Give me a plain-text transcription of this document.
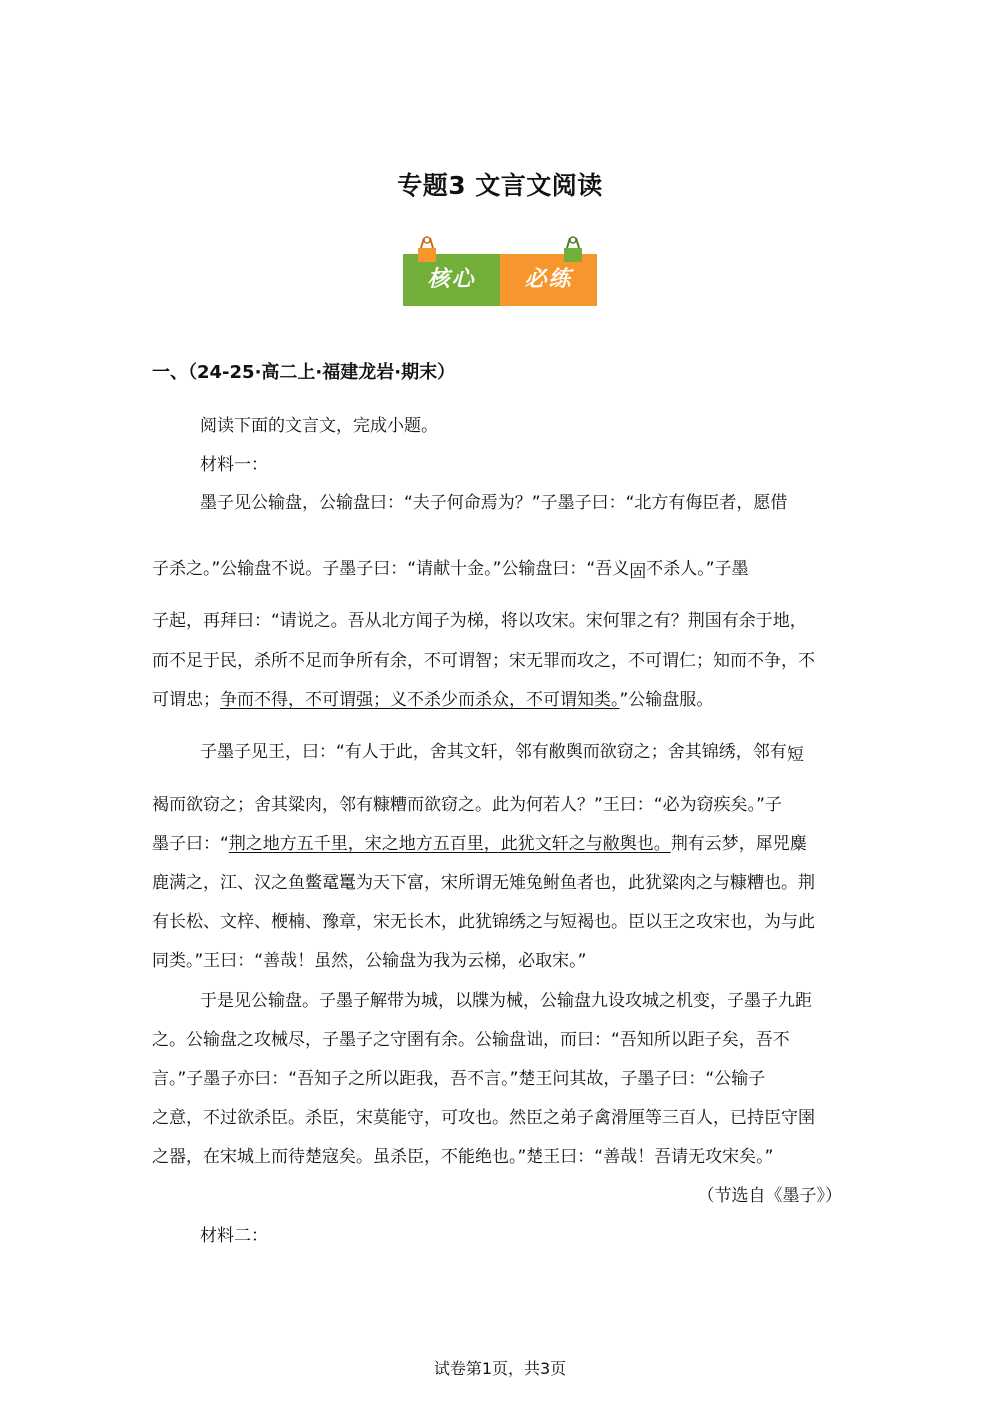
专题3 文言文阅读
核心	必练
一、（24-25·高二上·福建龙岩·期末）
阅读下面的文言文，完成小题。
材料一：
墨子见公输盘，公输盘曰：“夫子何命焉为？”子墨子曰：“北方有侮臣者，愿借
子杀之。”公输盘不说。子墨子曰：“请献十金。”公输盘曰：“吾义固不杀人。”子墨
子起，再拜曰：“请说之。吾从北方闻子为梯，将以攻宋。宋何罪之有？荆国有余于地，
而不足于民，杀所不足而争所有余，不可谓智；宋无罪而攻之，不可谓仁；知而不争，不
可谓忠；争而不得，不可谓强；义不杀少而杀众，不可谓知类。”公输盘服。
子墨子见王，曰：“有人于此，舍其文轩，邻有敝舆而欲窃之；舍其锦绣，邻有短
褐而欲窃之；舍其粱肉，邻有糠糟而欲窃之。此为何若人？”王曰：“必为窃疾矣。”子
墨子曰：“荆之地方五千里，宋之地方五百里，此犹文轩之与敝舆也。荆有云梦，犀兕麋
鹿满之，江、汉之鱼鳖鼋鼍为天下富，宋所谓无雉兔鲋鱼者也，此犹粱肉之与糠糟也。荆
有长松、文梓、楩楠、豫章，宋无长木，此犹锦绣之与短褐也。臣以王之攻宋也，为与此
同类。”王曰：“善哉！虽然，公输盘为我为云梯，必取宋。”
于是见公输盘。子墨子解带为城，以牒为械，公输盘九设攻城之机变，子墨子九距
之。公输盘之攻械尽，子墨子之守圉有余。公输盘诎，而曰：“吾知所以距子矣，吾不
言。”子墨子亦曰：“吾知子之所以距我，吾不言。”楚王问其故，子墨子曰：“公输子
之意，不过欲杀臣。杀臣，宋莫能守，可攻也。然臣之弟子禽滑厘等三百人，已持臣守圉
之器，在宋城上而待楚寇矣。虽杀臣，不能绝也。”楚王曰：“善哉！吾请无攻宋矣。”
（节选自《墨子》）
材料二：
试卷第1页，共3页
